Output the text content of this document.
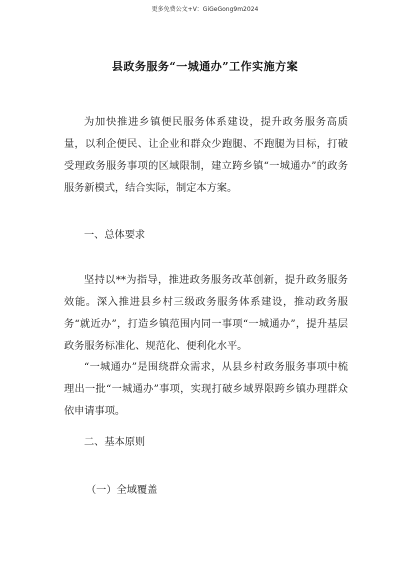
更多免费公文+V：GiGeGong9m2024
县政务服务“一城通办”工作实施方案

为加快推进乡镇便民服务体系建设，提升政务服务高质量，以利企便民、让企业和群众少跑腿、不跑腿为目标，打破受理政务服务事项的区域限制，建立跨乡镇“一城通办”的政务服务新模式，结合实际，制定本方案。

一、总体要求

坚持以**为指导，推进政务服务改革创新，提升政务服务效能。深入推进县乡村三级政务服务体系建设，推动政务服务“就近办”，打造乡镇范围内同一事项“一城通办”，提升基层政务服务标准化、规范化、便利化水平。

“一城通办”是围绕群众需求，从县乡村政务服务事项中梳理出一批“一城通办”事项，实现打破乡域界限跨乡镇办理群众依申请事项。

二、基本原则

（一）全域覆盖
